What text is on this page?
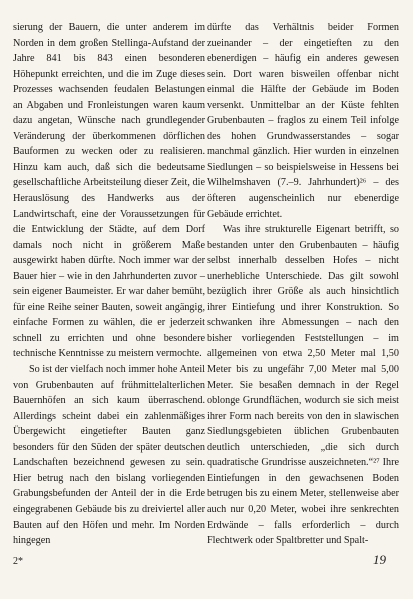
sierung der Bauern, die unter anderem im Norden in dem großen Stellinga-Aufstand der Jahre 841 bis 843 einen besonderen Höhepunkt erreichten, und die im Zuge dieses Prozesses wachsenden feudalen Belastungen an Abgaben und Fronleistungen waren kaum dazu angetan, Wünsche nach grundlegender Veränderung der überkommenen dörflichen Bauformen zu wecken oder zu realisieren. Hinzu kam auch, daß sich die bedeutsame gesellschaftliche Arbeitsteilung dieser Zeit, die Herauslösung des Handwerks aus der Landwirtschaft, eine der Voraussetzungen für die Entwicklung der Städte, auf dem Dorf damals noch nicht in größerem Maße ausgewirkt haben dürfte. Noch immer war der Bauer hier – wie in den Jahrhunderten zuvor – sein eigener Baumeister. Er war daher bemüht, für eine Reihe seiner Bauten, soweit angängig, einfache Formen zu wählen, die er jederzeit schnell zu errichten und ohne besondere technische Kenntnisse zu meistern vermochte.

So ist der vielfach noch immer hohe Anteil von Grubenbauten auf frühmittelalterlichen Bauernhöfen an sich kaum überraschend. Allerdings scheint dabei ein zahlenmäßiges Übergewicht eingetiefter Bauten ganz besonders für den Süden der später deutschen Landschaften bezeichnend gewesen zu sein. Hier betrug nach den bislang vorliegenden Grabungsbefunden der Anteil der in die Erde eingegrabenen Gebäude bis zu dreiviertel aller Bauten auf den Höfen und mehr. Im Norden hingegen

dürfte das Verhältnis beider Formen zueinander – der eingetieften zu den ebenerdigen – häufig ein anderes gewesen sein. Dort waren bisweilen offenbar nicht einmal die Hälfte der Gebäude im Boden versenkt. Unmittelbar an der Küste fehlten Grubenbauten – fraglos zu einem Teil infolge des hohen Grundwasserstandes – sogar manchmal gänzlich. Hier wurden in einzelnen Siedlungen – so beispielsweise in Hessens bei Wilhelmshaven (7.–9. Jahrhundert)²⁶ – des öfteren augenscheinlich nur ebenerdige Gebäude errichtet.

Was ihre strukturelle Eigenart betrifft, so bestanden unter den Grubenbauten – häufig selbst innerhalb desselben Hofes – nicht unerhebliche Unterschiede. Das gilt sowohl bezüglich ihrer Größe als auch hinsichtlich ihrer Eintiefung und ihrer Konstruktion. So schwanken ihre Abmessungen – nach den bisher vorliegenden Feststellungen – im allgemeinen von etwa 2,50 Meter mal 1,50 Meter bis zu ungefähr 7,00 Meter mal 5,00 Meter. Sie besaßen demnach in der Regel oblonge Grundflächen, wodurch sie sich meist ihrer Form nach bereits von den in slawischen Siedlungsgebieten üblichen Grubenbauten deutlich unterschieden, „die sich durch quadratische Grundrisse auszeichneten.“²⁷ Ihre Eintiefungen in den gewachsenen Boden betrugen bis zu einem Meter, stellenweise aber auch nur 0,20 Meter, wobei ihre senkrechten Erdwände – falls erforderlich – durch Flechtwerk oder Spaltbretter und Spalt-

2*	19
